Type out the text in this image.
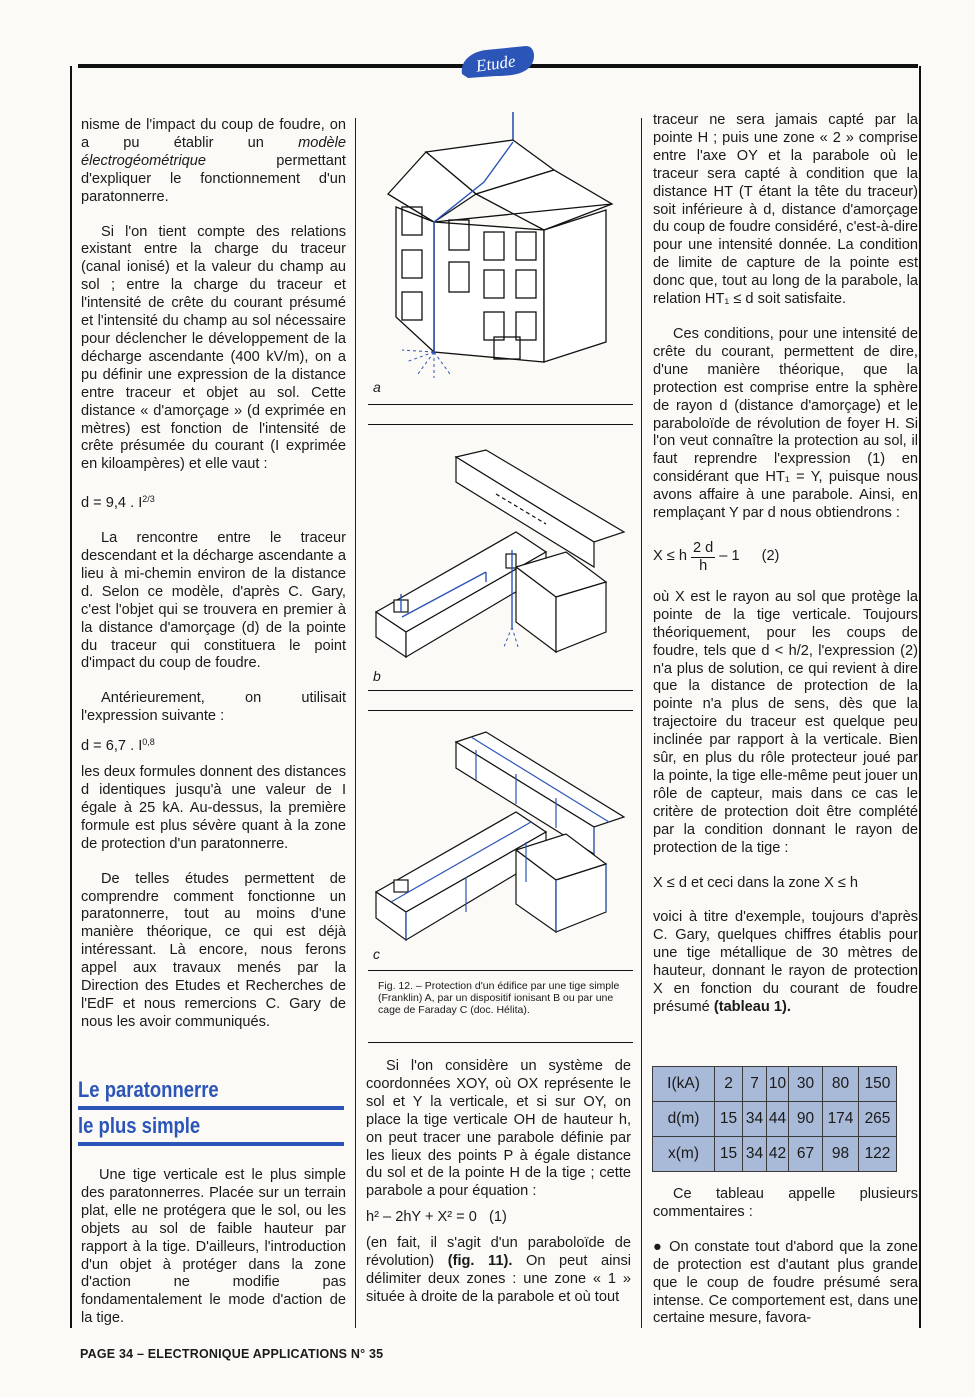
Etude

nisme de l'impact du coup de foudre, on a pu établir un modèle électrogéométrique permettant d'expliquer le fonctionnement d'un paratonnerre.

Si l'on tient compte des relations existant entre la charge du traceur (canal ionisé) et la valeur du champ au sol ; entre la charge du traceur et l'intensité de crête du courant présumé et l'intensité du champ au sol nécessaire pour déclencher le développement de la décharge ascendante (400 kV/m), on a pu définir une expression de la distance entre traceur et objet au sol. Cette distance « d'amorçage » (d exprimée en mètres) est fonction de l'intensité de crête présumée du courant (I exprimée en kiloampères) et elle vaut :

d = 9,4 . $I^{2/3}$

La rencontre entre le traceur descendant et la décharge ascendante a lieu à mi-chemin environ de la distance d. Selon ce modèle, d'après C. Gary, c'est l'objet qui se trouvera en premier à la distance d'amorçage (d) de la pointe du traceur qui constituera le point d'impact du coup de foudre.

Antérieurement, on utilisait l'expression suivante :

d = 6,7 . I$^{0,8}$

les deux formules donnent des distances d identiques jusqu'à une valeur de I égale à 25 kA. Au-dessus, la première formule est plus sévère quant à la zone de protection d'un paratonnerre.

De telles études permettent de comprendre comment fonctionne un paratonnerre, tout au moins d'une manière théorique, ce qui est déjà intéressant. Là encore, nous ferons appel aux travaux menés par la Direction des Etudes et Recherches de l'EdF et nous remercions C. Gary de nous les avoir communiqués.

Le paratonnerre
le plus simple

Une tige verticale est le plus simple des paratonnerres. Placée sur un terrain plat, elle ne protégera que le sol, ou les objets au sol de faible hauteur par rapport à la tige. D'ailleurs, l'introduction d'un objet à protéger dans la zone d'action ne modifie pas fondamentalement le mode d'action de la tige.

a
b
c
Fig. 12. – Protection d'un édifice par une tige simple (Franklin) A, par un dispositif ionisant B ou par une cage de Faraday C (doc. Hélita).

Si l'on considère un système de coordonnées XOY, où OX représente le sol et Y la verticale, et si sur OY, on place la tige verticale OH de hauteur h, on peut tracer une parabole définie par les lieux des points P à égale distance du sol et de la pointe H de la tige ; cette parabole a pour équation :

h² – 2hY + X² = 0   (1)

(en fait, il s'agit d'un paraboloïde de révolution) (fig. 11). On peut ainsi délimiter deux zones : une zone « 1 » située à droite de la parabole et où tout

traceur ne sera jamais capté par la pointe H ; puis une zone « 2 » comprise entre l'axe OY et la parabole où le traceur sera capté à condition que la distance HT (T étant la tête du traceur) soit inférieure à d, distance d'amorçage du coup de foudre considéré, c'est-à-dire pour une intensité donnée. La condition de limite de capture de la pointe est donc que, tout au long de la parabole, la relation HT₁ ≤ d soit satisfaite.

Ces conditions, pour une intensité de crête du courant, permettent de dire, d'une manière théorique, que la protection est comprise entre la sphère de rayon d (distance d'amorçage) et le paraboloïde de révolution de foyer H. Si l'on veut connaître la protection au sol, il faut reprendre l'expression (1) en considérant que HT₁ = Y, puisque nous avons affaire à une parabole. Ainsi, en remplaçant Y par d nous obtiendrons :

X ≤ h $\frac{2 d}{h} - 1$ (2)

où X est le rayon au sol que protège la pointe de la tige verticale. Toujours théoriquement, pour les coups de foudre, tels que d < h/2, l'expression (2) n'a plus de solution, ce qui revient à dire que la distance de protection de la pointe n'a plus de sens, dès que la trajectoire du traceur est quelque peu inclinée par rapport à la verticale. Bien sûr, en plus du rôle protecteur joué par la pointe, la tige elle-même peut jouer un rôle de capteur, mais dans ce cas le critère de protection doit être complété par la condition donnant le rayon de protection de la tige :

X ≤ d et ceci dans la zone X ≤ h

voici à titre d'exemple, toujours d'après C. Gary, quelques chiffres établis pour une tige métallique de 30 mètres de hauteur, donnant le rayon de protection X en fonction du courant de foudre présumé (tableau 1).

I(kA)	2	7	10	30	80	150
d(m)	15	34	44	90	174	265
x(m)	15	34	42	67	98	122

Ce tableau appelle plusieurs commentaires :

● On constate tout d'abord que la zone de protection est d'autant plus grande que le coup de foudre présumé sera intense. Ce comportement est, dans une certaine mesure, favora-

PAGE 34 – ELECTRONIQUE APPLICATIONS N° 35
